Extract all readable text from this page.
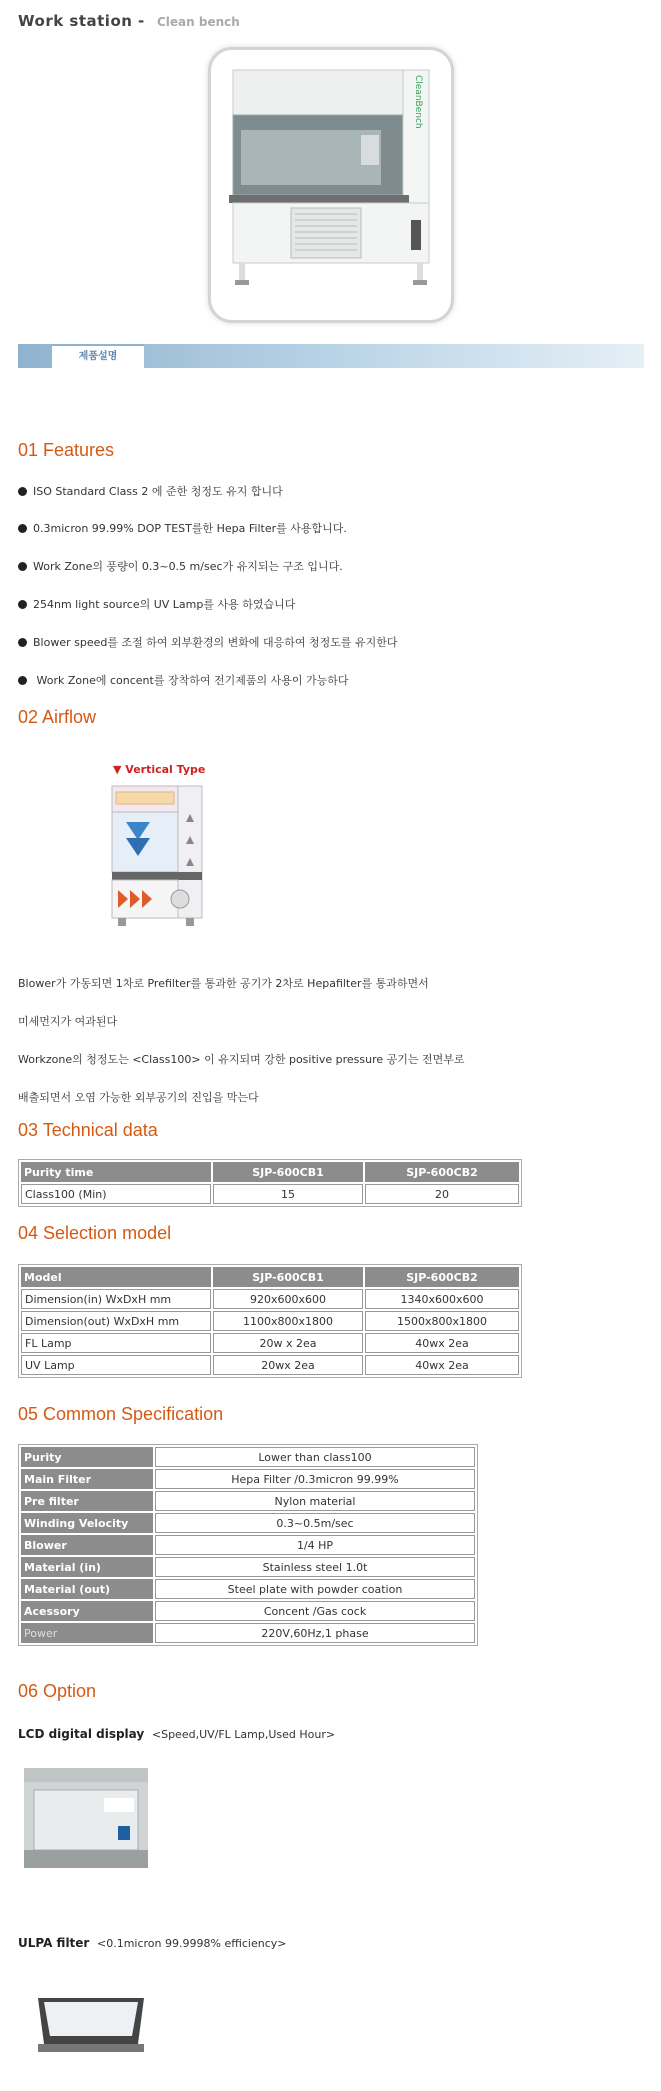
Work station - Clean bench
CleanBench
제품설명
01 Features
ISO Standard Class 2 에 준한 청정도 유지 합니다
0.3micron 99.99% DOP TEST를한 Hepa Filter를 사용합니다.
Work Zone의 풍량이 0.3~0.5 m/sec가 유지되는 구조 입니다.
254nm light source의 UV Lamp를 사용 하였습니다
Blower speed를 조절 하여 외부환경의 변화에 대응하여 청정도를 유지한다
Work Zone에 concent를 장착하여 전기제품의 사용이 가능하다
02 Airflow
▼ Vertical Type
Blower가 가동되면 1차로 Prefilter를 통과한 공기가 2차로 Hepafilter를 통과하면서
미세먼지가 여과된다
Workzone의 청정도는 <Class100> 이 유지되며 강한 positive pressure 공기는 전면부로
배출되면서 오염 가능한 외부공기의 진입을 막는다
03 Technical data
Purity time	SJP-600CB1	SJP-600CB2
Class100 (Min)	15	20
04 Selection model
Model	SJP-600CB1	SJP-600CB2
Dimension(in) WxDxH mm	920x600x600	1340x600x600
Dimension(out) WxDxH mm	1100x800x1800	1500x800x1800
FL Lamp	20w x 2ea	40wx 2ea
UV Lamp	20wx 2ea	40wx 2ea
05 Common Specification
Purity	Lower than class100
Main Filter	Hepa Filter /0.3micron 99.99%
Pre filter	Nylon material
Winding Velocity	0.3~0.5m/sec
Blower	1/4 HP
Material (in)	Stainless steel 1.0t
Material (out)	Steel plate with powder coation
Acessory	Concent /Gas cock
Power	220V,60Hz,1 phase
06 Option
LCD digital display <Speed,UV/FL Lamp,Used Hour>
ULPA filter <0.1micron 99.9998% efficiency>
